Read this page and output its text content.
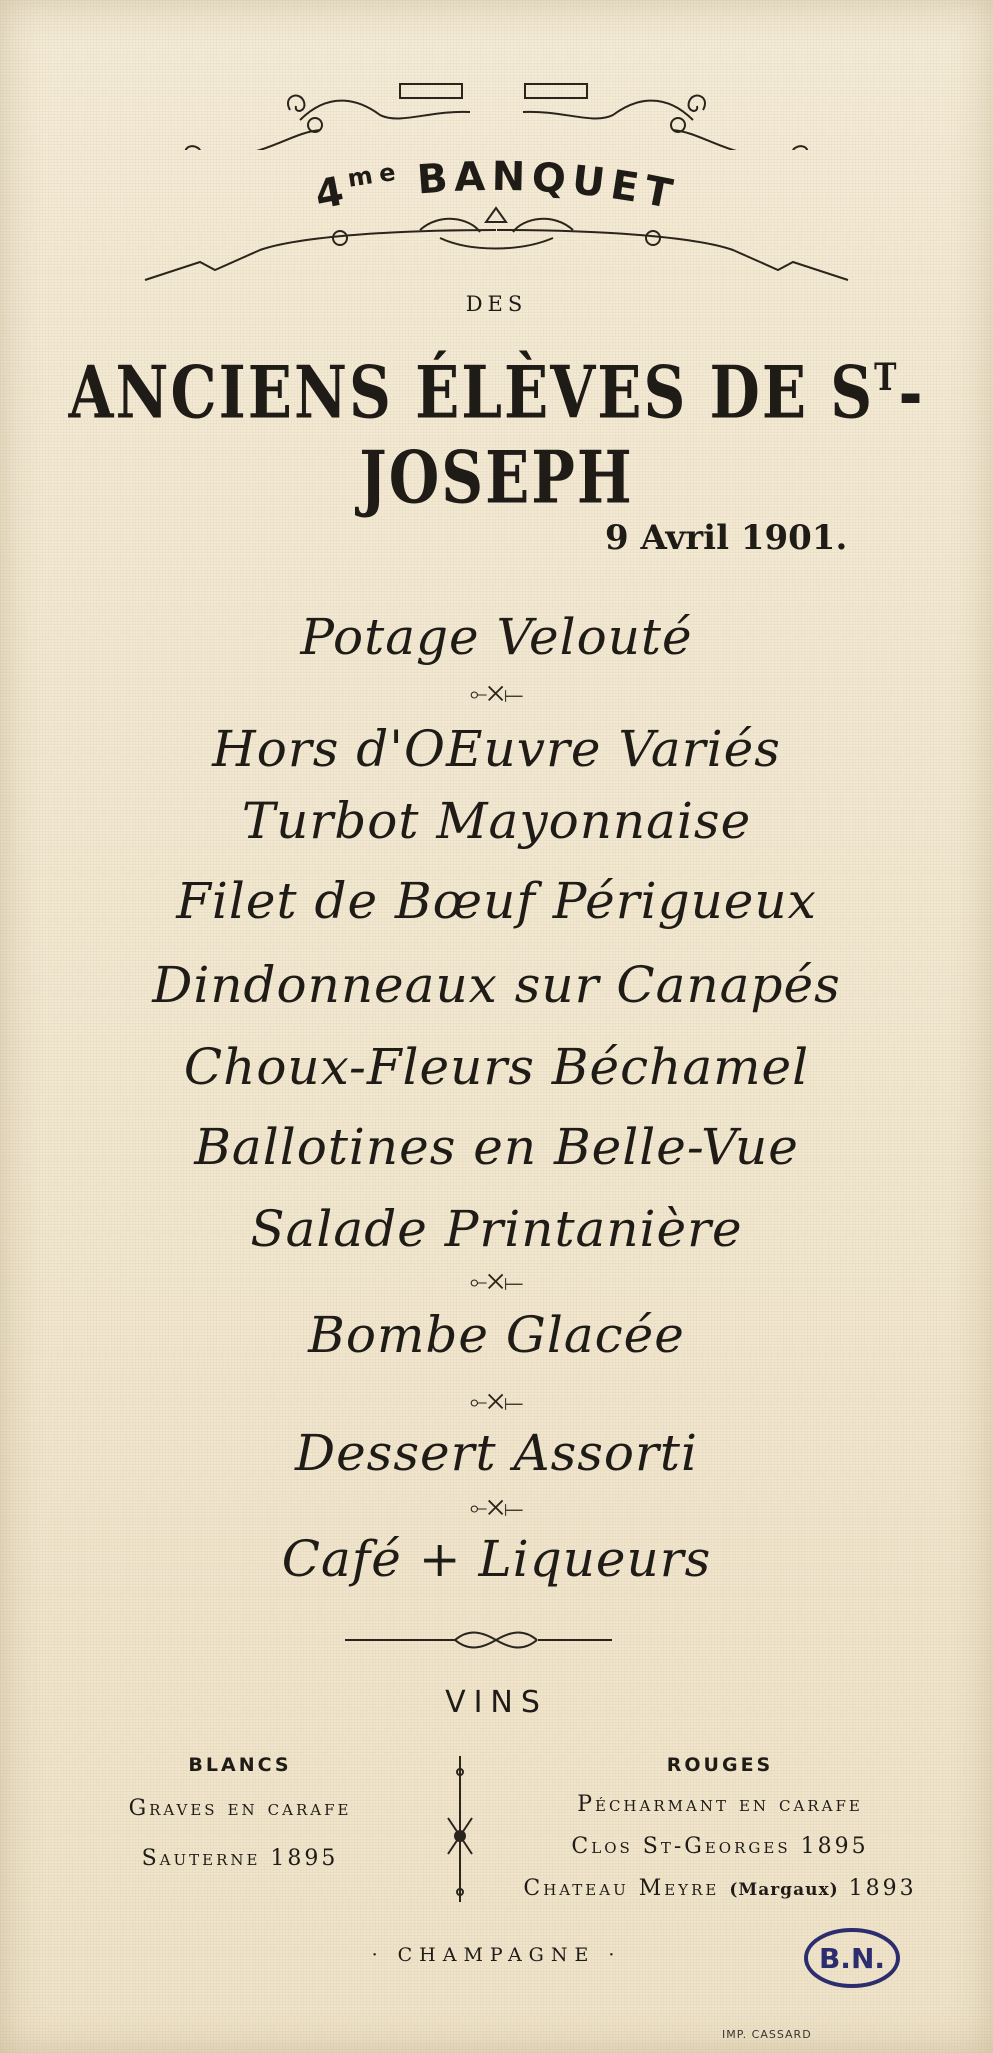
$4^{me}$ BANQUET
DES
ANCIENS ÉLÈVES DE $S^T$-JOSEPH
9 Avril 1901.
Potage Velouté
⟜✕⟝
Hors d'OEuvre Variés
Turbot Mayonnaise
Filet de Bœuf Périgueux
Dindonneaux sur Canapés
Choux-Fleurs Béchamel
Ballotines en Belle-Vue
Salade Printanière
⟜✕⟝
Bombe Glacée
⟜✕⟝
Dessert Assorti
⟜✕⟝
Café + Liqueurs
VINS
BLANCS
Graves en carafe
Sauterne 1895
ROUGES
Pécharmant en carafe
Clos St-Georges 1895
Chateau Meyre (Margaux) 1893
· CHAMPAGNE ·	B.N.
IMP. CASSARD
